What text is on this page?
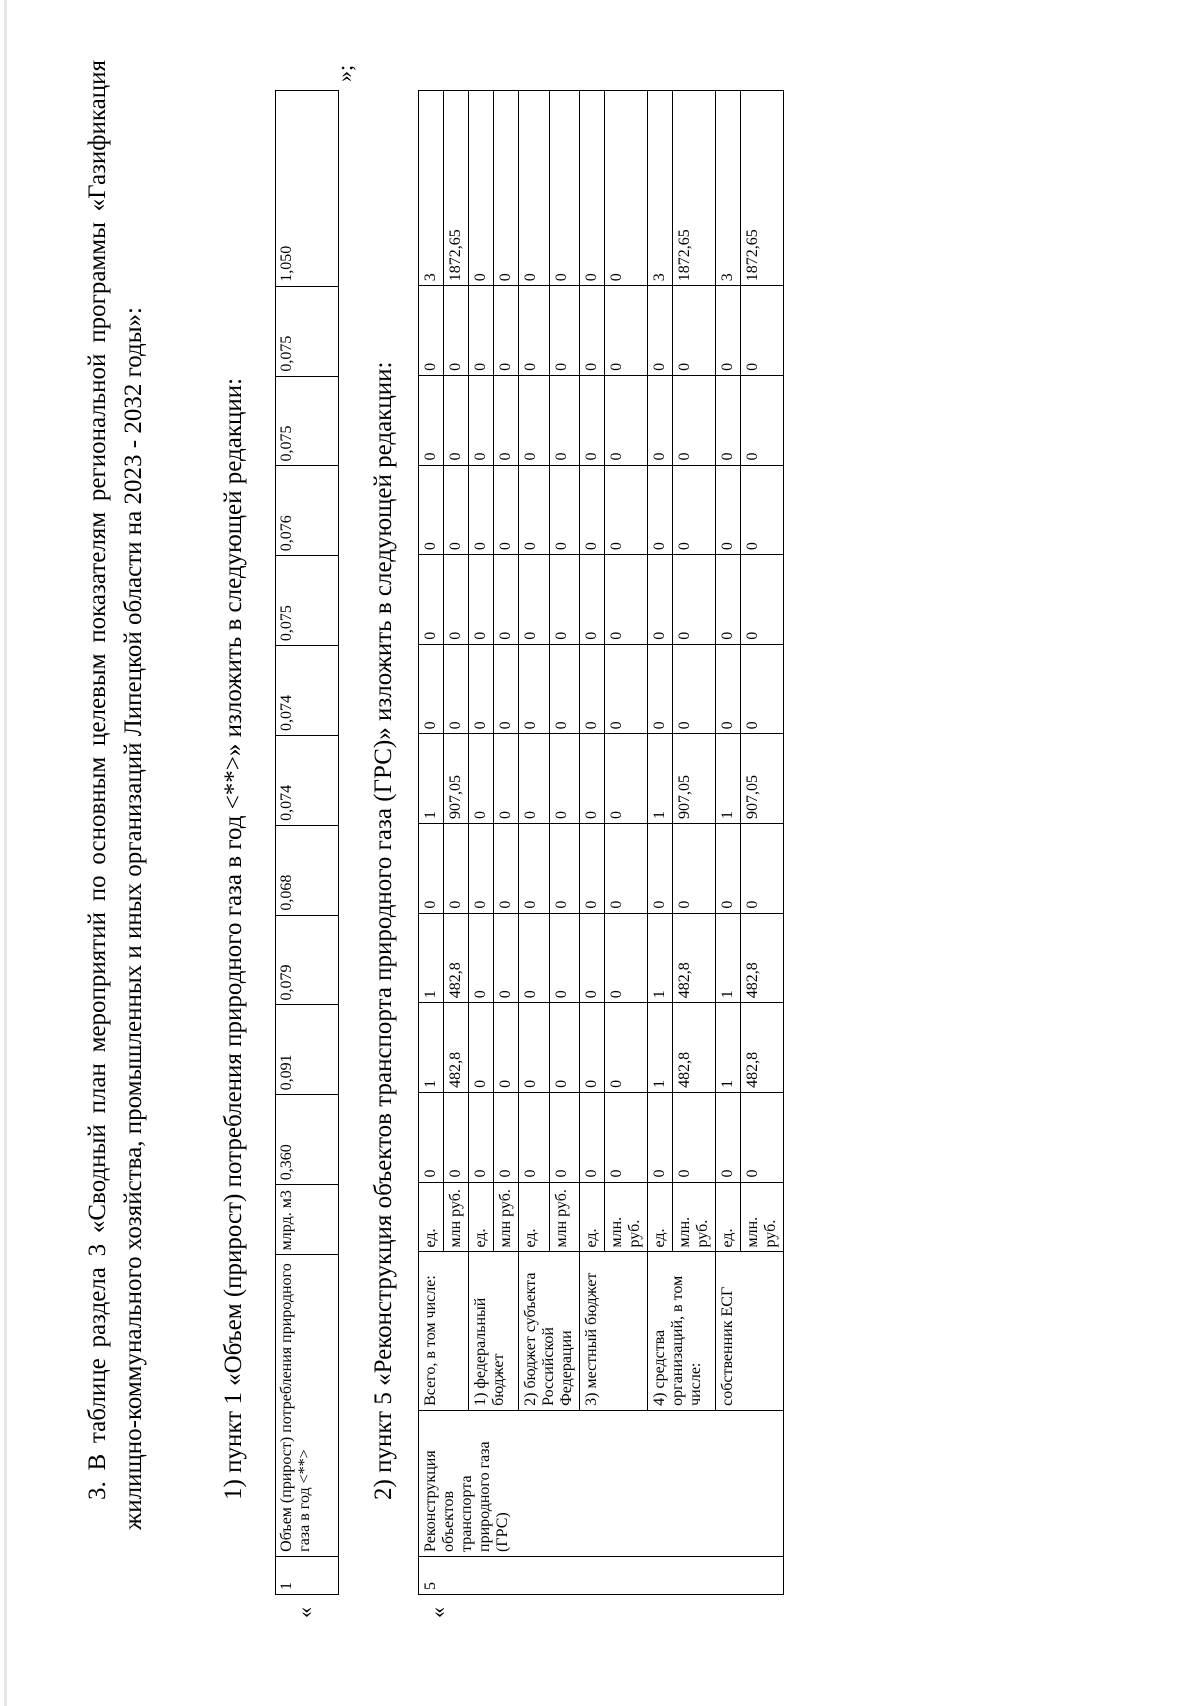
3. В таблице раздела 3 «Сводный план мероприятий по основным целевым показателям региональной программы «Газификация жилищно-коммунального хозяйства, промышленных и иных организаций Липецкой области на 2023 - 2032 годы»:	1) пункт 1 «Объем (прирост) потребления природного газа в год <**>» изложить в следующей редакции:
«
»;
1	Объем (прирост) потребления природного газа в год <**>	млрд. м3	0,360	0,091	0,079	0,068	0,074	0,074	0,075	0,076	0,075	0,075	1,050
2) пункт 5 «Реконструкция объектов транспорта природного газа (ГРС)» изложить в следующей редакции:
«
5	Реконструкция объектов транспорта природного газа (ГРС)	Всего, в том числе:	ед.	0	1	1	0	1	0	0	0	0	0	3
			млн руб.	0	482,8	482,8	0	907,05	0	0	0	0	0	1872,65
		1) федеральный бюджет	ед.	0	0	0	0	0	0	0	0	0	0	0
			млн руб.	0	0	0	0	0	0	0	0	0	0	0
		2) бюджет субъекта Российской Федерации	ед.	0	0	0	0	0	0	0	0	0	0	0
			млн руб.	0	0	0	0	0	0	0	0	0	0	0
		3) местный бюджет	ед.	0	0	0	0	0	0	0	0	0	0	0
			млн. руб.	0	0	0	0	0	0	0	0	0	0	0
		4) средства организаций, в том числе:	ед.	0	1	1	0	1	0	0	0	0	0	3
			млн. руб.	0	482,8	482,8	0	907,05	0	0	0	0	0	1872,65
		собственник ЕСГ	ед.	0	1	1	0	1	0	0	0	0	0	3
			млн. руб.	0	482,8	482,8	0	907,05	0	0	0	0	0	1872,65
